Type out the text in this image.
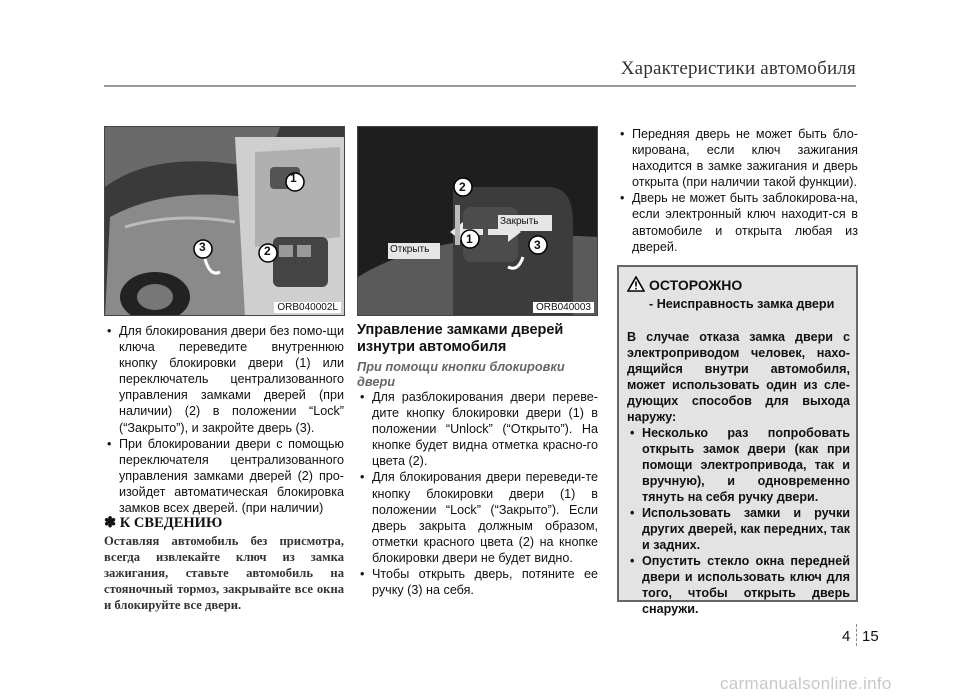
Характеристики автомобиля
1
2
3
ORB040002L
1
2
3
Открыть
Закрыть
ORB040003

• Для блокирования двери без помо-щи ключа переведите внутреннюю кнопку блокировки двери (1) или переключатель централизованного управления замками дверей (при наличии) (2) в положении “Lock” (“Закрыто”), и закройте дверь (3).

• При блокировании двери с помощью переключателя централизованного управления замками дверей (2) про-изойдет автоматическая блокировка замков всех дверей. (при наличии)

✽ К СВЕДЕНИЮ
Оставляя автомобиль без присмотра, всегда извлекайте ключ из замка зажигания, ставьте автомобиль на стояночный тормоз, закрывайте все окна и блокируйте все двери.
Управление замками дверей
изнутри автомобиля
При помощи кнопки блокировки
двери

• Для разблокирования двери переве-дите кнопку блокировки двери (1) в положении “Unlock” (“Открыто”). На кнопке будет видна отметка красно-го цвета (2).

• Для блокирования двери переведи-те кнопку блокировки двери (1) в положении “Lock” (“Закрыто”). Если дверь закрыта должным образом, отметки красного цвета (2) на кнопке блокировки двери не будет видно.

• Чтобы открыть дверь, потяните ее ручку (3) на себя.

• Передняя дверь не может быть бло-кирована, если ключ зажигания находится в замке зажигания и дверь открыта (при наличии такой функции).

• Дверь не может быть заблокирова-на, если электронный ключ находит-ся в автомобиле и открыта любая из дверей.

ОСТОРОЖНО
- Неисправность замка двери

В случае отказа замка двери с электроприводом человек, нахо-дящийся внутри автомобиля, может использовать один из сле-дующих способов для выхода наружу:

• Несколько раз попробовать открыть замок двери (как при помощи электропривода, так и вручную), и одновременно тянуть на себя ручку двери.

• Использовать замки и ручки других дверей, как передних, так и задних.

• Опустить стекло окна передней двери и использовать ключ для того, чтобы открыть дверь снаружи.

4 15
carmanualsonline.info
